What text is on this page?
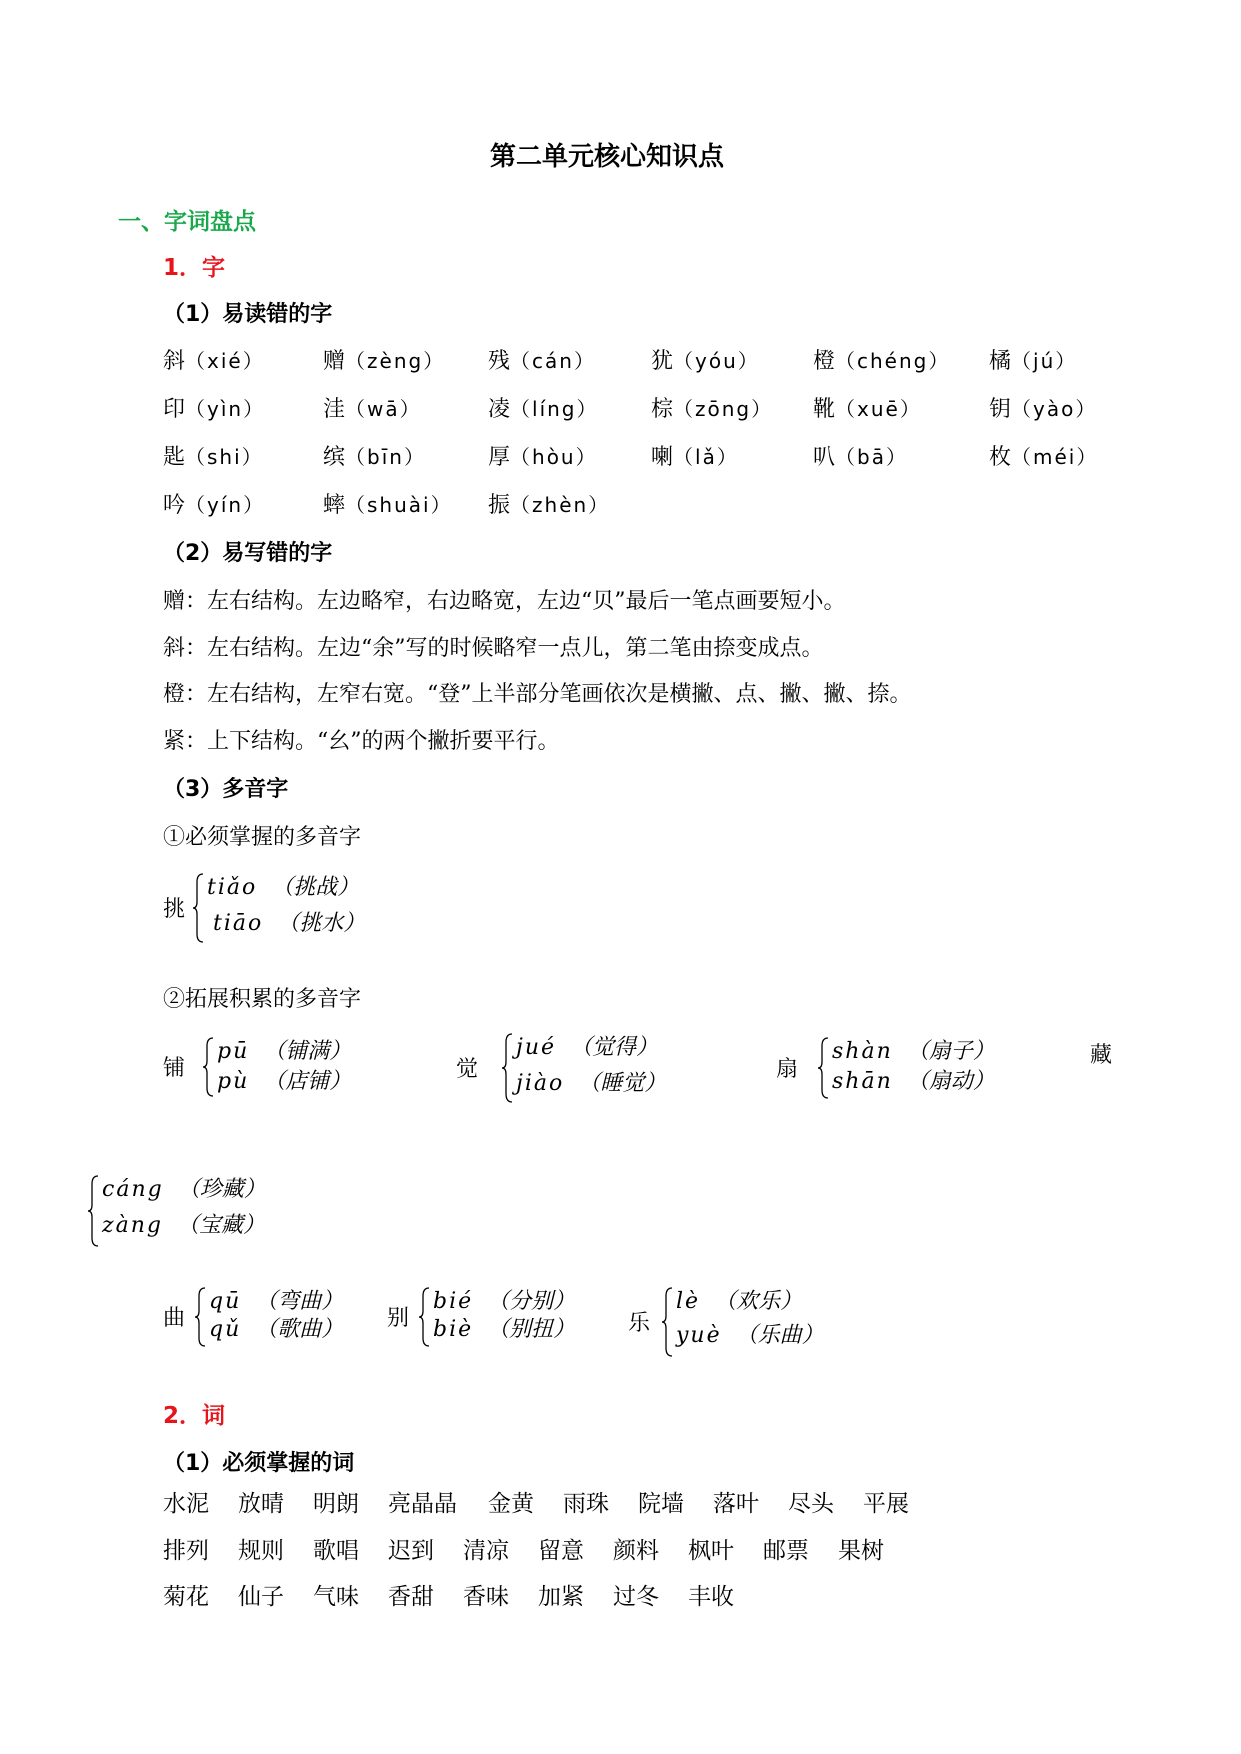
第二单元核心知识点
一、字词盘点
1．字
（1）易读错的字
斜（xié）	赠（zèng） 残（cán）	犹（yóu） 橙（chéng） 橘（jú）
印（yìn）	洼（wā）	凌（líng） 棕（zōng） 靴（xuē）	钥（yào）
匙（shi）	缤（bīn）	厚（hòu） 喇（lǎ）	叭（bā）	枚（méi）
吟（yín）	蟀（shuài） 振（zhèn）
（2）易写错的字
赠：左右结构。左边略窄，右边略宽，左边“贝”最后一笔点画要短小。
斜：左右结构。左边“余”写的时候略窄一点儿，第二笔由捺变成点。
橙：左右结构，左窄右宽。“登”上半部分笔画依次是横撇、点、撇、撇、捺。
紧：上下结构。“幺”的两个撇折要平行。
（3）多音字
①必须掌握的多音字
②拓展积累的多音字
挑
tiǎo （挑战）
tiāo （挑水）
铺
pū （铺满）
pù （店铺）	觉
jué （觉得）
jiào （睡觉）
扇
shàn （扇子）
shān （扇动）
藏
cáng （珍藏）
zàng （宝藏）
曲
qū （弯曲）
qǔ （歌曲） 别
bié （分别）
biè （别扭） 乐
lè （欢乐）
yuè （乐曲）
2．词
（1）必须掌握的词
水泥 放晴 明朗 亮晶晶 金黄 雨珠 院墙 落叶 尽头 平展
排列 规则 歌唱 迟到 清凉 留意 颜料 枫叶 邮票 果树
菊花 仙子 气味 香甜 香味 加紧 过冬 丰收
